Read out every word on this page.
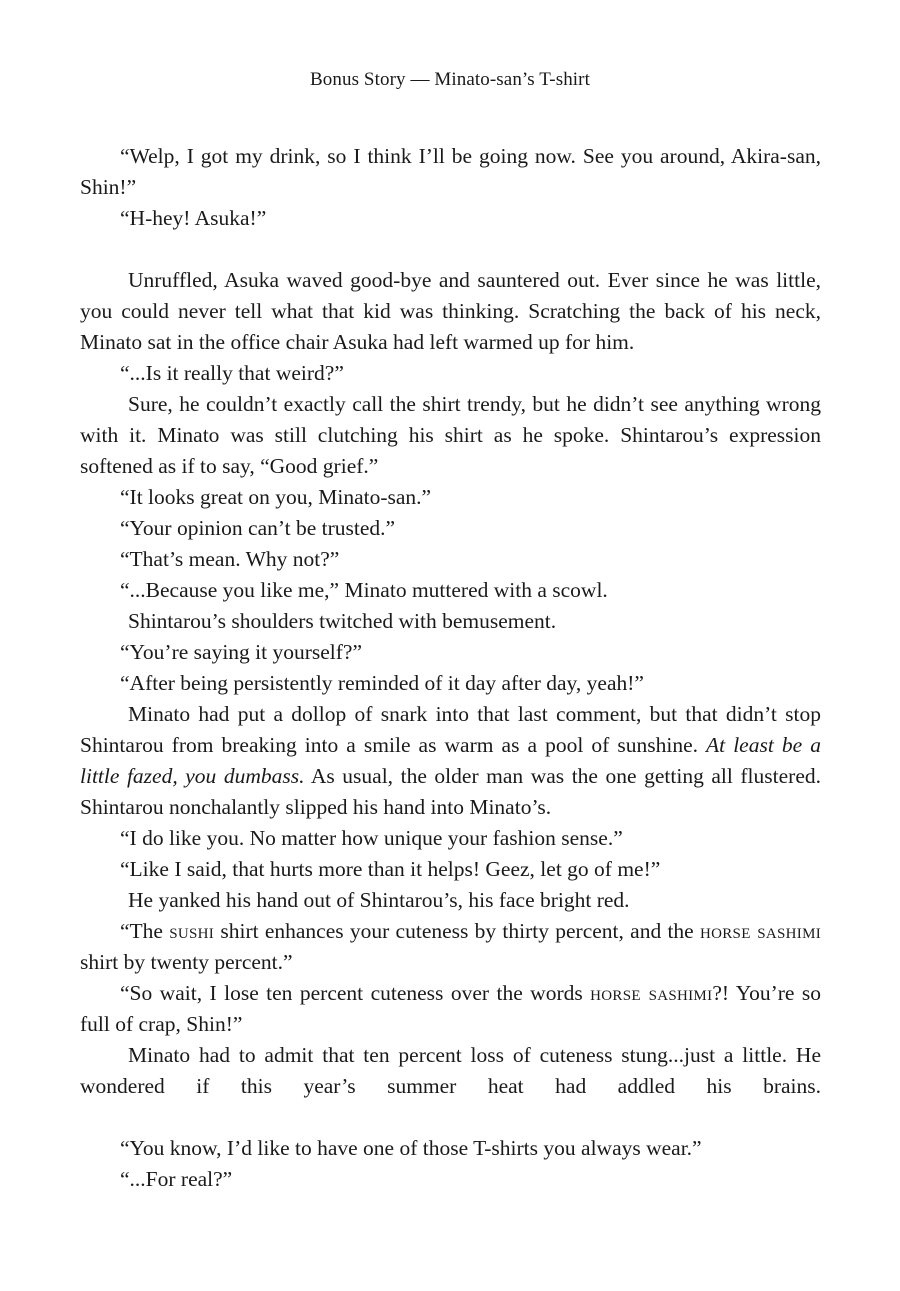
Bonus Story — Minato-san’s T-shirt

“Welp, I got my drink, so I think I’ll be going now. See you around, Akira-san, Shin!”

“H-hey! Asuka!”

Unruffled, Asuka waved good-bye and sauntered out. Ever since he was little, you could never tell what that kid was thinking. Scratching the back of his neck, Minato sat in the office chair Asuka had left warmed up for him.

“...Is it really that weird?”

Sure, he couldn’t exactly call the shirt trendy, but he didn’t see anything wrong with it. Minato was still clutching his shirt as he spoke. Shintarou’s expression softened as if to say, “Good grief.”

“It looks great on you, Minato-san.”

“Your opinion can’t be trusted.”

“That’s mean. Why not?”

“...Because you like me,” Minato muttered with a scowl.

Shintarou’s shoulders twitched with bemusement.

“You’re saying it yourself?”

“After being persistently reminded of it day after day, yeah!”

Minato had put a dollop of snark into that last comment, but that didn’t stop Shintarou from breaking into a smile as warm as a pool of sunshine. At least be a little fazed, you dumbass. As usual, the older man was the one getting all flustered. Shintarou nonchalantly slipped his hand into Minato’s.

“I do like you. No matter how unique your fashion sense.”

“Like I said, that hurts more than it helps! Geez, let go of me!”

He yanked his hand out of Shintarou’s, his face bright red.

“The sushi shirt enhances your cuteness by thirty percent, and the horse sashimi shirt by twenty percent.”

“So wait, I lose ten percent cuteness over the words horse sashimi?! You’re so full of crap, Shin!”

Minato had to admit that ten percent loss of cuteness stung...just a little. He wondered if this year’s summer heat had addled his brains.

“You know, I’d like to have one of those T-shirts you always wear.”

“...For real?”
